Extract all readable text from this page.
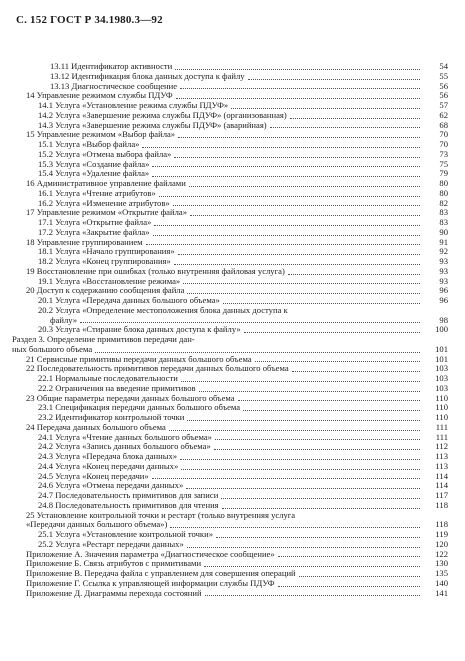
С. 152 ГОСТ Р 34.1980.3—92
13.11 Идентификатор активности	54
13.12 Идентификация блока данных доступа к файлу	55
13.13 Диагностическое сообщение	56
14 Управление режимом службы ПДУФ	56
14.1 Услуга «Установление режима службы ПДУФ»	57
14.2 Услуга «Завершение режима службы ПДУФ» (организованная)	62
14.3 Услуга «Завершение режима службы ПДУФ» (аварийная)	68
15 Управление режимом «Выбор файла»	70
15.1 Услуга «Выбор файла»	70
15.2 Услуга «Отмена выбора файла»	73
15.3 Услуга «Создание файла»	75
15.4 Услуга «Удаление файла»	79
16 Административное управление файлами	80
16.1 Услуга «Чтение атрибутов»	80
16.2 Услуга «Изменение атрибутов»	82
17 Управление режимом «Открытие файла»	83
17.1 Услуга «Открытие файла»	83
17.2 Услуга «Закрытие файла»	90
18 Управление группированием	91
18.1 Услуга «Начало группирования»	92
18.2 Услуга «Конец группирования»	93
19 Восстановление при ошибках (только внутренняя файловая услуга)	93
19.1 Услуга «Восстановление режима»	93
20 Доступ к содержанию сообщения файла	96
20.1 Услуга «Передача данных большого объема»	96
20.2 Услуга «Определение местоположения блока данных доступа к
файлу»	98
20.3 Услуга «Стирание блока данных доступа к файлу»	100
Раздел 3. Определение примитивов передачи дан-
ных большого объема	101
21 Сервисные примитивы передачи данных большого объема	101
22 Последовательность примитивов передачи данных большого объема	103
22.1 Нормальные последовательности	103
22.2 Ограничения на введение примитивов	103
23 Общие параметры передачи данных большого объема	110
23.1 Спецификация передачи данных большого объема	110
23.2 Идентификатор контрольной точки	110
24 Передача данных большого объема	111
24.1 Услуга «Чтение данных большого объема»	111
24.2 Услуга «Запись данных большого объема»	112
24.3 Услуга «Передача блока данных»	113
24.4 Услуга «Конец передачи данных»	113
24.5 Услуга «Конец передачи»	114
24.6 Услуга «Отмена передачи данных»	114
24.7 Последовательность примитивов для записи	117
24.8 Последовательность примитивов для чтения	118
25 Установление контрольной точки и рестарт (только внутренняя услуга
«Передачи данных большого объема»)	118
25.1 Услуга «Установление контрольной точки»	119
25.2 Услуга «Рестарт передачи данных»	120
Приложение А. Значения параметра «Диагностическое сообщение»	122
Приложение Б. Связь атрибутов с примитивами	130
Приложение В. Передача файла с управлением для совершения операций	135
Приложение Г. Ссылка к управляющей информации службы ПДУФ	140
Приложение Д. Диаграммы перехода состояний	141
